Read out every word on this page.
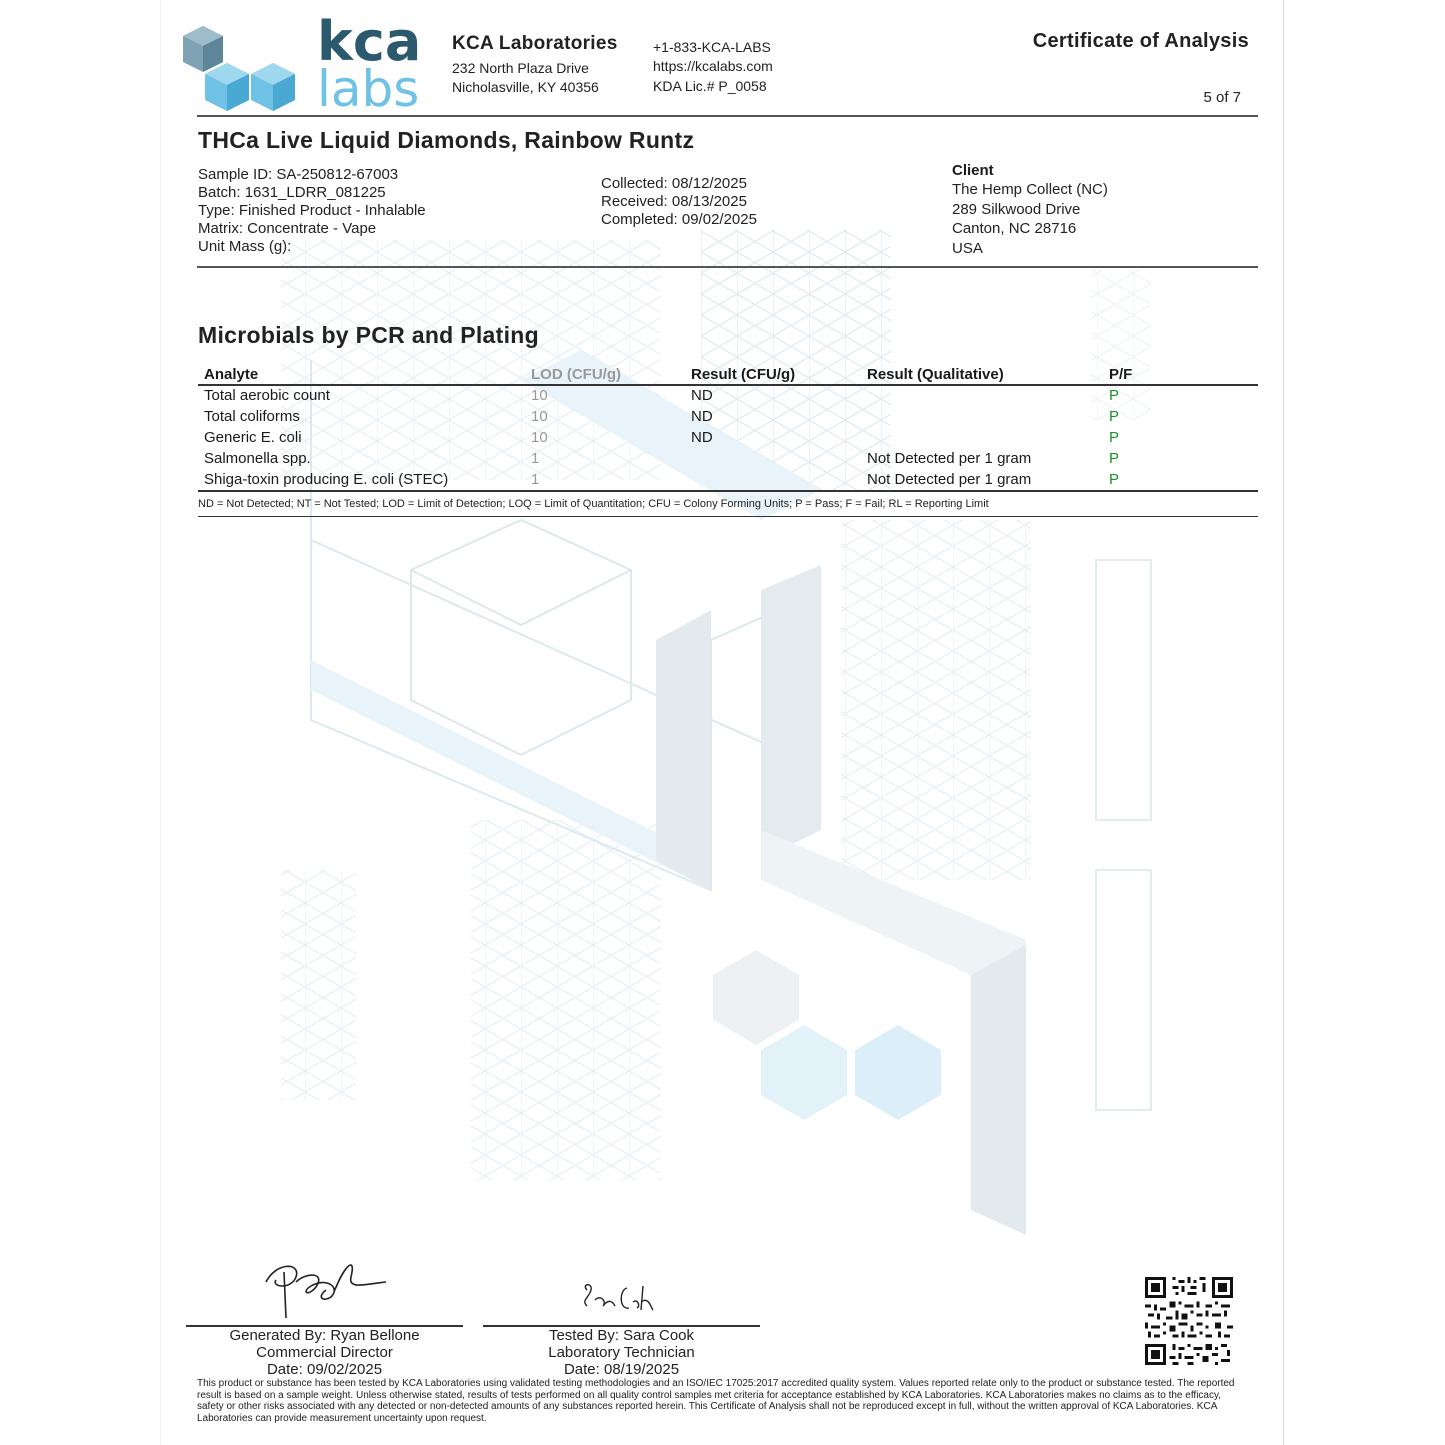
kca
labs
KCA Laboratories
232 North Plaza Drive
Nicholasville, KY 40356
+1-833-KCA-LABS
https://kcalabs.com
KDA Lic.# P_0058
Certificate of Analysis
5 of 7
THCa Live Liquid Diamonds, Rainbow Runtz
Sample ID: SA-250812-67003
Batch: 1631_LDRR_081225
Type: Finished Product - Inhalable
Matrix: Concentrate - Vape
Unit Mass (g):
Collected: 08/12/2025
Received: 08/13/2025
Completed: 09/02/2025
Client
The Hemp Collect (NC)
289 Silkwood Drive
Canton, NC 28716
USA
Microbials by PCR and Plating
Analyte	LOD (CFU/g)	Result (CFU/g)	Result (Qualitative)	P/F
Total aerobic count	10	ND		P
Total coliforms	10	ND		P
Generic E. coli	10	ND		P
Salmonella spp.	1		Not Detected per 1 gram	P
Shiga-toxin producing E. coli (STEC)	1		Not Detected per 1 gram	P
ND = Not Detected; NT = Not Tested; LOD = Limit of Detection; LOQ = Limit of Quantitation; CFU = Colony Forming Units; P = Pass; F = Fail; RL = Reporting Limit
Generated By: Ryan Bellone
Commercial Director
Date: 09/02/2025
Tested By: Sara Cook
Laboratory Technician
Date: 08/19/2025
This product or substance has been tested by KCA Laboratories using validated testing methodologies and an ISO/IEC 17025:2017 accredited quality system. Values reported relate only to the product or substance tested. The reported result is based on a sample weight. Unless otherwise stated, results of tests performed on all quality control samples met criteria for acceptance established by KCA Laboratories. KCA Laboratories makes no claims as to the efficacy, safety or other risks associated with any detected or non-detected amounts of any substances reported herein. This Certificate of Analysis shall not be reproduced except in full, without the written approval of KCA Laboratories. KCA Laboratories can provide measurement uncertainty upon request.
